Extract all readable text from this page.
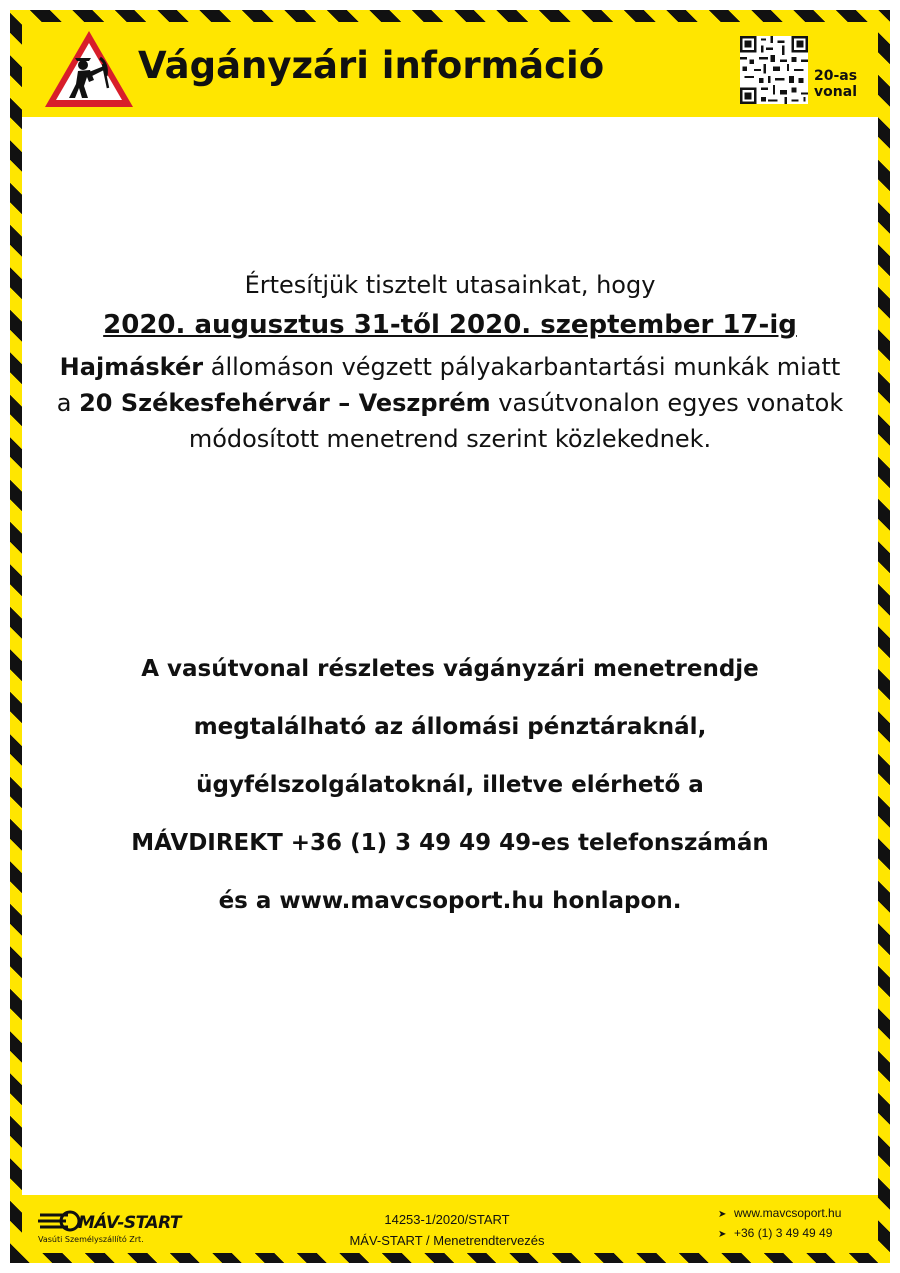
Vágányzári információ	20-as
vonal
Értesítjük tisztelt utasainkat, hogy
2020. augusztus 31-től 2020. szeptember 17-ig
Hajmáskér állomáson végzett pályakarbantartási munkák miatt
a 20 Székesfehérvár – Veszprém vasútvonalon egyes vonatok
módosított menetrend szerint közlekednek.
A vasútvonal részletes vágányzári menetrendje
megtalálható az állomási pénztáraknál,
ügyfélszolgálatoknál, illetve elérhető a
MÁVDIREKT +36 (1) 3 49 49 49-es telefonszámán
és a www.mavcsoport.hu honlapon.
MÁV-START
Vasúti Személyszállító Zrt.
14253-1/2020/START
MÁV-START / Menetrendtervezés
➤ www.mavcsoport.hu
➤ +36 (1) 3 49 49 49
